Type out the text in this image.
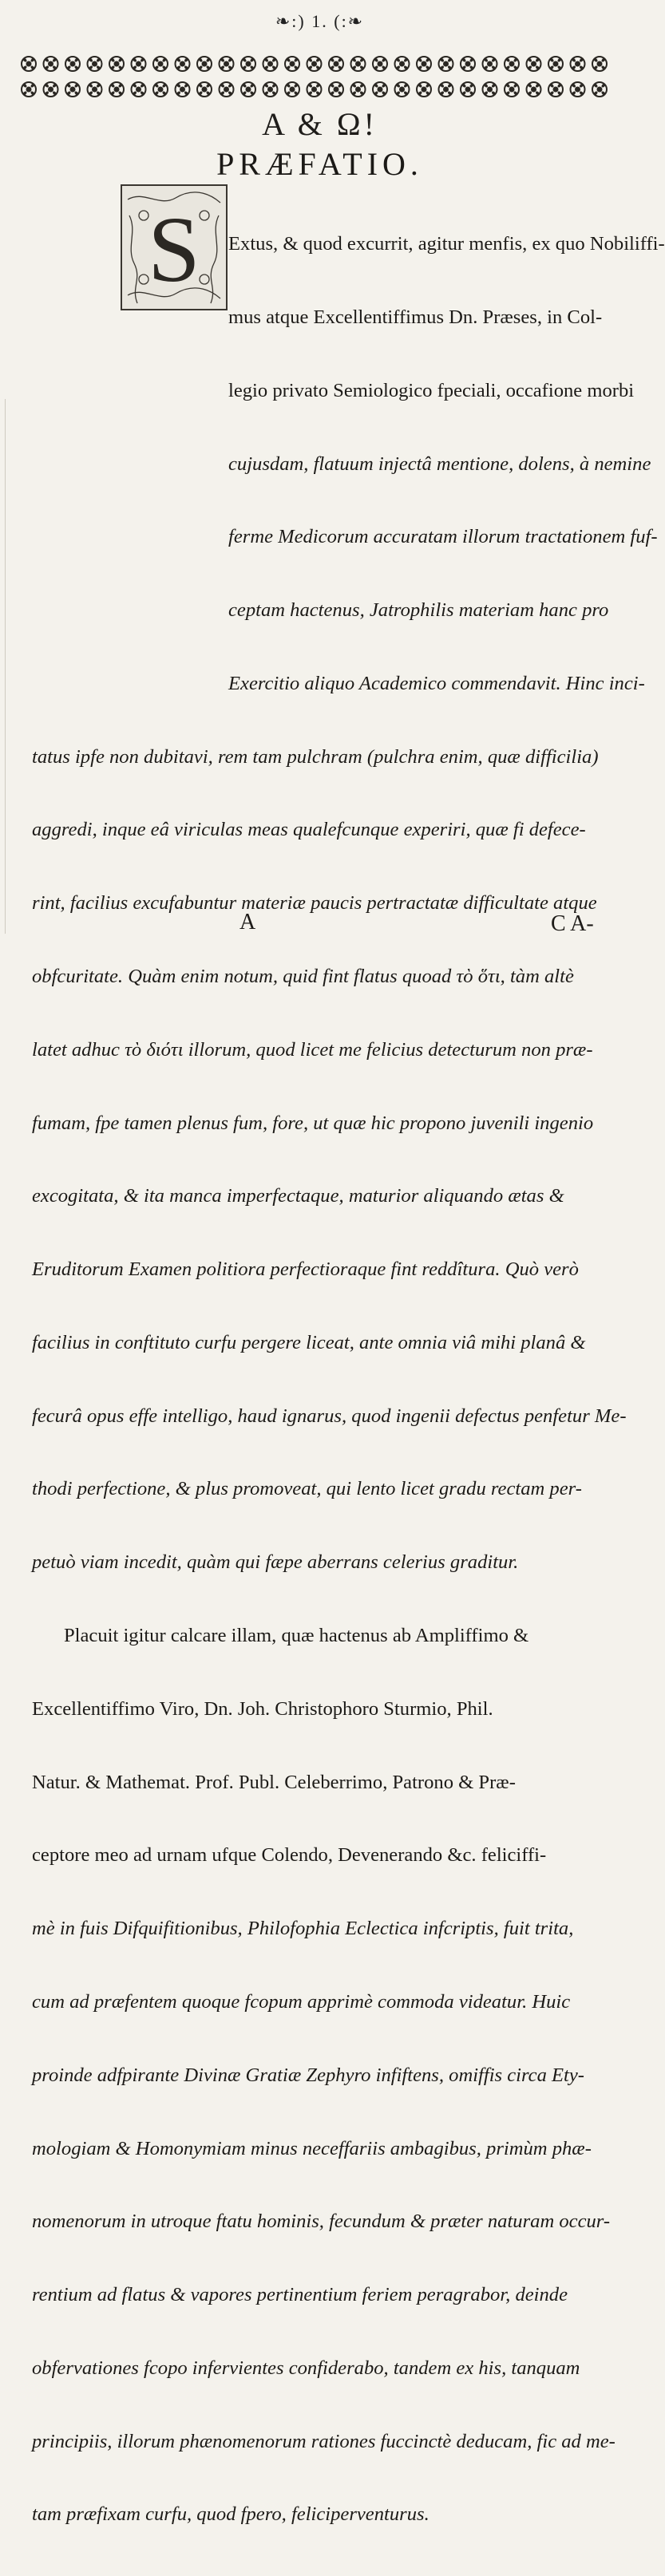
❧:) 1. (:❧
A & Ω!
PRÆFATIO.

Extus, & quod excurrit, agitur menfis, ex quo Nobiliffi-

mus atque Excellentiffimus Dn. Præses, in Col-

legio privato Semiologico fpeciali, occafione morbi

cujusdam, flatuum injectâ mentione, dolens, à nemine

ferme Medicorum accuratam illorum tractationem fuf-

ceptam hactenus, Jatrophilis materiam hanc pro

Exercitio aliquo Academico commendavit. Hinc inci-

tatus ipfe non dubitavi, rem tam pulchram (pulchra enim, quæ difficilia)

aggredi, inque eâ viriculas meas qualefcunque experiri, quæ fi defece-

rint, facilius excufabuntur materiæ paucis pertractatæ difficultate atque

obfcuritate. Quàm enim notum, quid fint flatus quoad τὸ ὅτι, tàm altè

latet adhuc τὸ διότι illorum, quod licet me felicius detecturum non præ-

fumam, fpe tamen plenus fum, fore, ut quæ hic propono juvenili ingenio

excogitata, & ita manca imperfectaque, maturior aliquando ætas &

Eruditorum Examen politiora perfectioraque fint reddîtura. Quò verò

facilius in conftituto curfu pergere liceat, ante omnia viâ mihi planâ &

fecurâ opus effe intelligo, haud ignarus, quod ingenii defectus penfetur Me-

thodi perfectione, & plus promoveat, qui lento licet gradu rectam per-

petuò viam incedit, quàm qui fæpe aberrans celerius graditur.

Placuit igitur calcare illam, quæ hactenus ab Ampliffimo &

Excellentiffimo Viro, Dn. Joh. Christophoro Sturmio, Phil.

Natur. & Mathemat. Prof. Publ. Celeberrimo, Patrono & Præ-

ceptore meo ad urnam ufque Colendo, Devenerando &c. feliciffi-

mè in fuis Difquifitionibus, Philofophia Eclectica infcriptis, fuit trita,

cum ad præfentem quoque fcopum apprimè commoda videatur. Huic

proinde adfpirante Divinæ Gratiæ Zephyro infiftens, omiffis circa Ety-

mologiam & Homonymiam minus neceffariis ambagibus, primùm phæ-

nomenorum in utroque ftatu hominis, fecundum & præter naturam occur-

rentium ad flatus & vapores pertinentium feriem peragrabor, deinde

obfervationes fcopo infervientes confiderabo, tandem ex his, tanquam

principiis, illorum phænomenorum rationes fuccinctè deducam, fic ad me-

tam præfixam curfu, quod fpero, feliciperventurus.

S
A	C A-
